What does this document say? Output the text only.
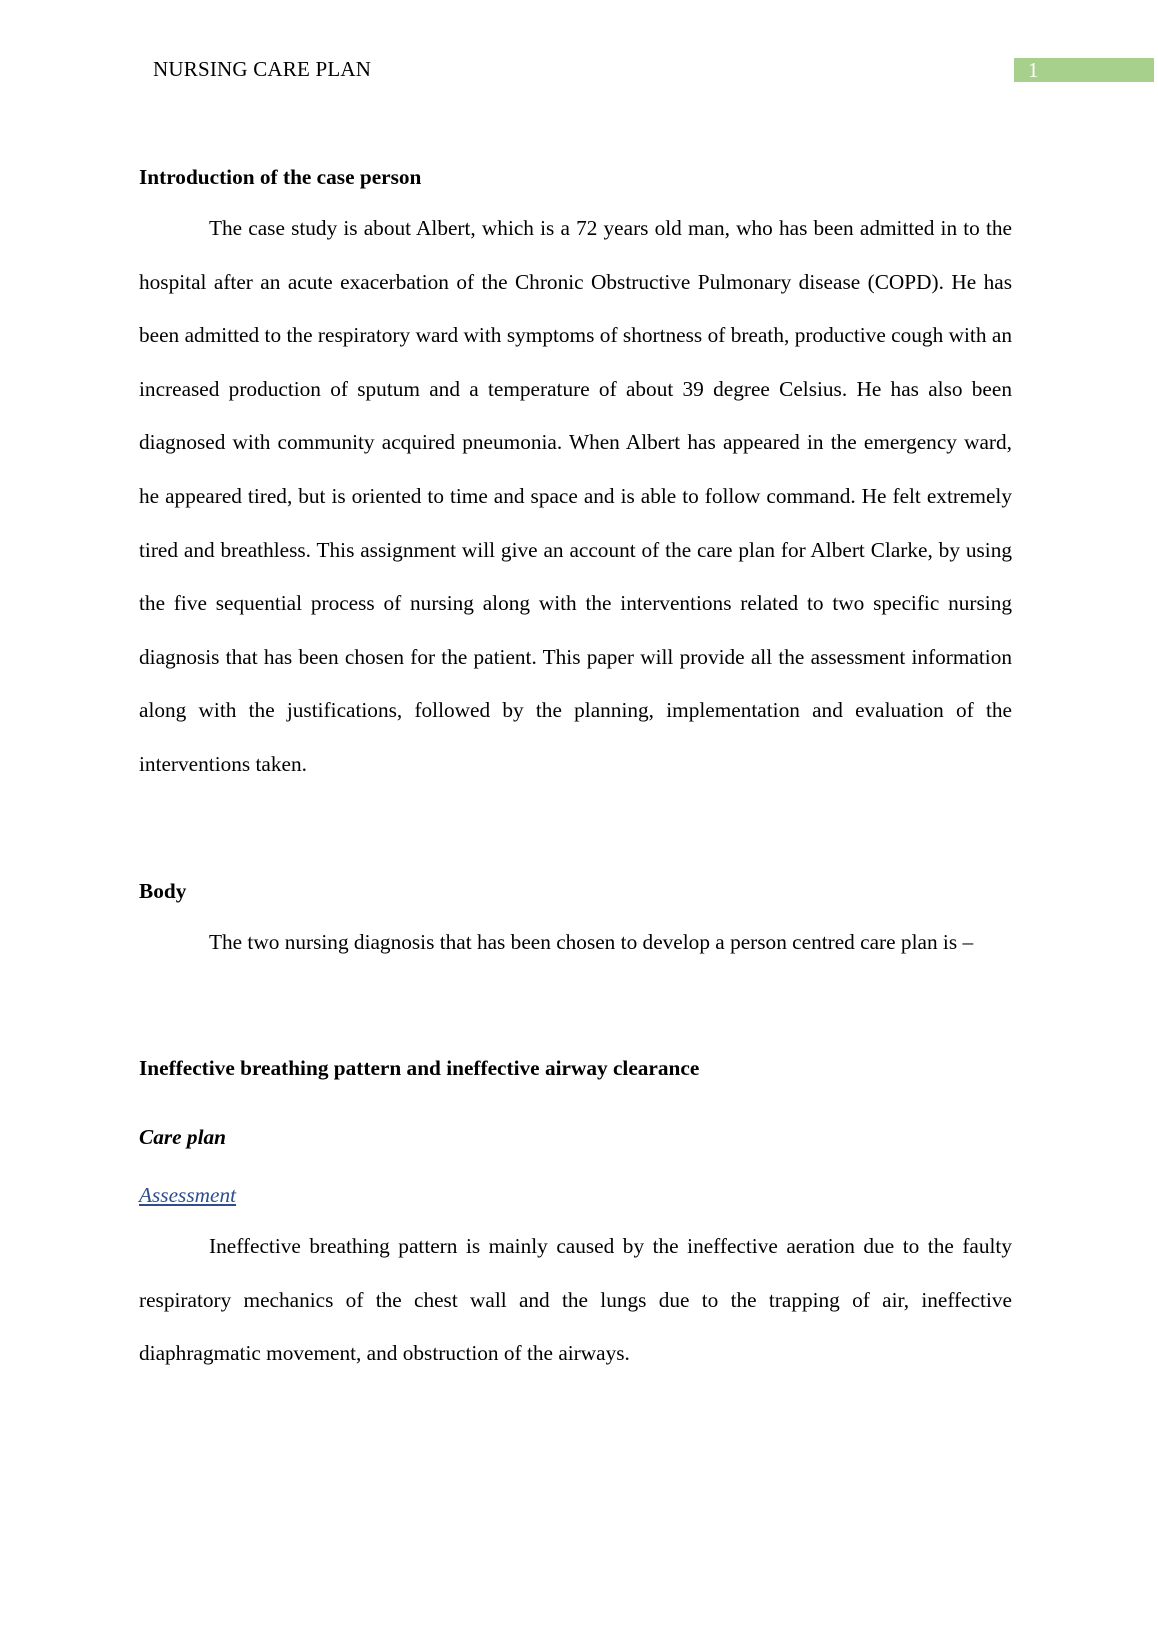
NURSING CARE PLAN	1
Introduction of the case person

The case study is about Albert, which is a 72 years old man, who has been admitted in to the hospital after an acute exacerbation of the Chronic Obstructive Pulmonary disease (COPD). He has been admitted to the respiratory ward with symptoms of shortness of breath, productive cough with an increased production of sputum and a temperature of about 39 degree Celsius. He has also been diagnosed with community acquired pneumonia. When Albert has appeared in the emergency ward, he appeared tired, but is oriented to time and space and is able to follow command. He felt extremely tired and breathless. This assignment will give an account of the care plan for Albert Clarke, by using the five sequential process of nursing along with the interventions related to two specific nursing diagnosis that has been chosen for the patient. This paper will provide all the assessment information along with the justifications, followed by the planning, implementation and evaluation of the interventions taken.

Body

The two nursing diagnosis that has been chosen to develop a person centred care plan is –

Ineffective breathing pattern and ineffective airway clearance
Care plan
Assessment

Ineffective breathing pattern is mainly caused by the ineffective aeration due to the faulty respiratory mechanics of the chest wall and the lungs due to the trapping of air, ineffective diaphragmatic movement, and obstruction of the airways.
